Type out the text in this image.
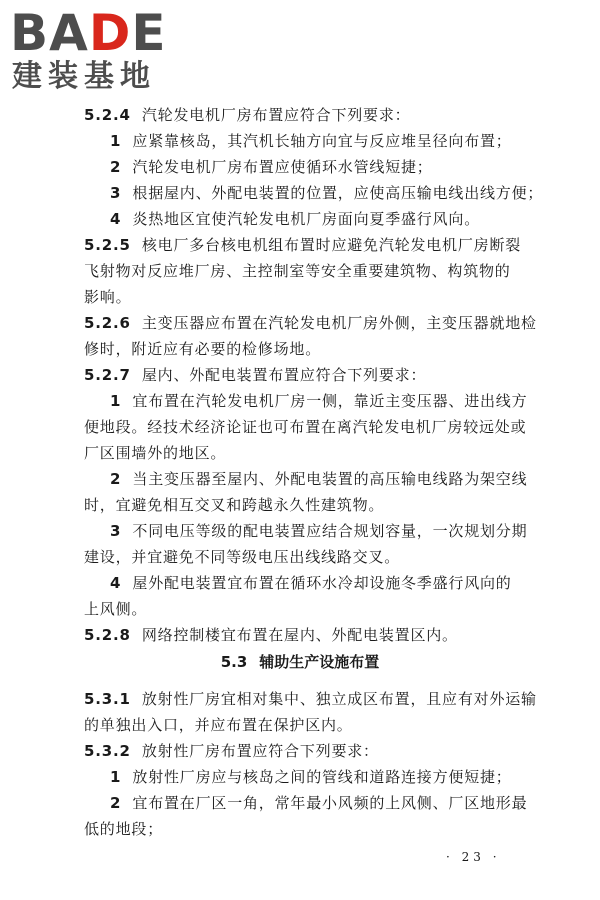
BADE
建装基地
5.2.4 汽轮发电机厂房布置应符合下列要求：
1 应紧靠核岛，其汽机长轴方向宜与反应堆呈径向布置；
2 汽轮发电机厂房布置应使循环水管线短捷；
3 根据屋内、外配电装置的位置，应使高压输电线出线方便；
4 炎热地区宜使汽轮发电机厂房面向夏季盛行风向。
5.2.5 核电厂多台核电机组布置时应避免汽轮发电机厂房断裂
飞射物对反应堆厂房、主控制室等安全重要建筑物、构筑物的
影响。
5.2.6 主变压器应布置在汽轮发电机厂房外侧，主变压器就地检
修时，附近应有必要的检修场地。
5.2.7 屋内、外配电装置布置应符合下列要求：
1 宜布置在汽轮发电机厂房一侧，靠近主变压器、进出线方
便地段。经技术经济论证也可布置在离汽轮发电机厂房较远处或
厂区围墙外的地区。
2 当主变压器至屋内、外配电装置的高压输电线路为架空线
时，宜避免相互交叉和跨越永久性建筑物。
3 不同电压等级的配电装置应结合规划容量，一次规划分期
建设，并宜避免不同等级电压出线线路交叉。
4 屋外配电装置宜布置在循环水冷却设施冬季盛行风向的
上风侧。
5.2.8 网络控制楼宜布置在屋内、外配电装置区内。
5.3 辅助生产设施布置
5.3.1 放射性厂房宜相对集中、独立成区布置，且应有对外运输
的单独出入口，并应布置在保护区内。
5.3.2 放射性厂房布置应符合下列要求：
1 放射性厂房应与核岛之间的管线和道路连接方便短捷；
2 宜布置在厂区一角，常年最小风频的上风侧、厂区地形最
低的地段；
· 23 ·
